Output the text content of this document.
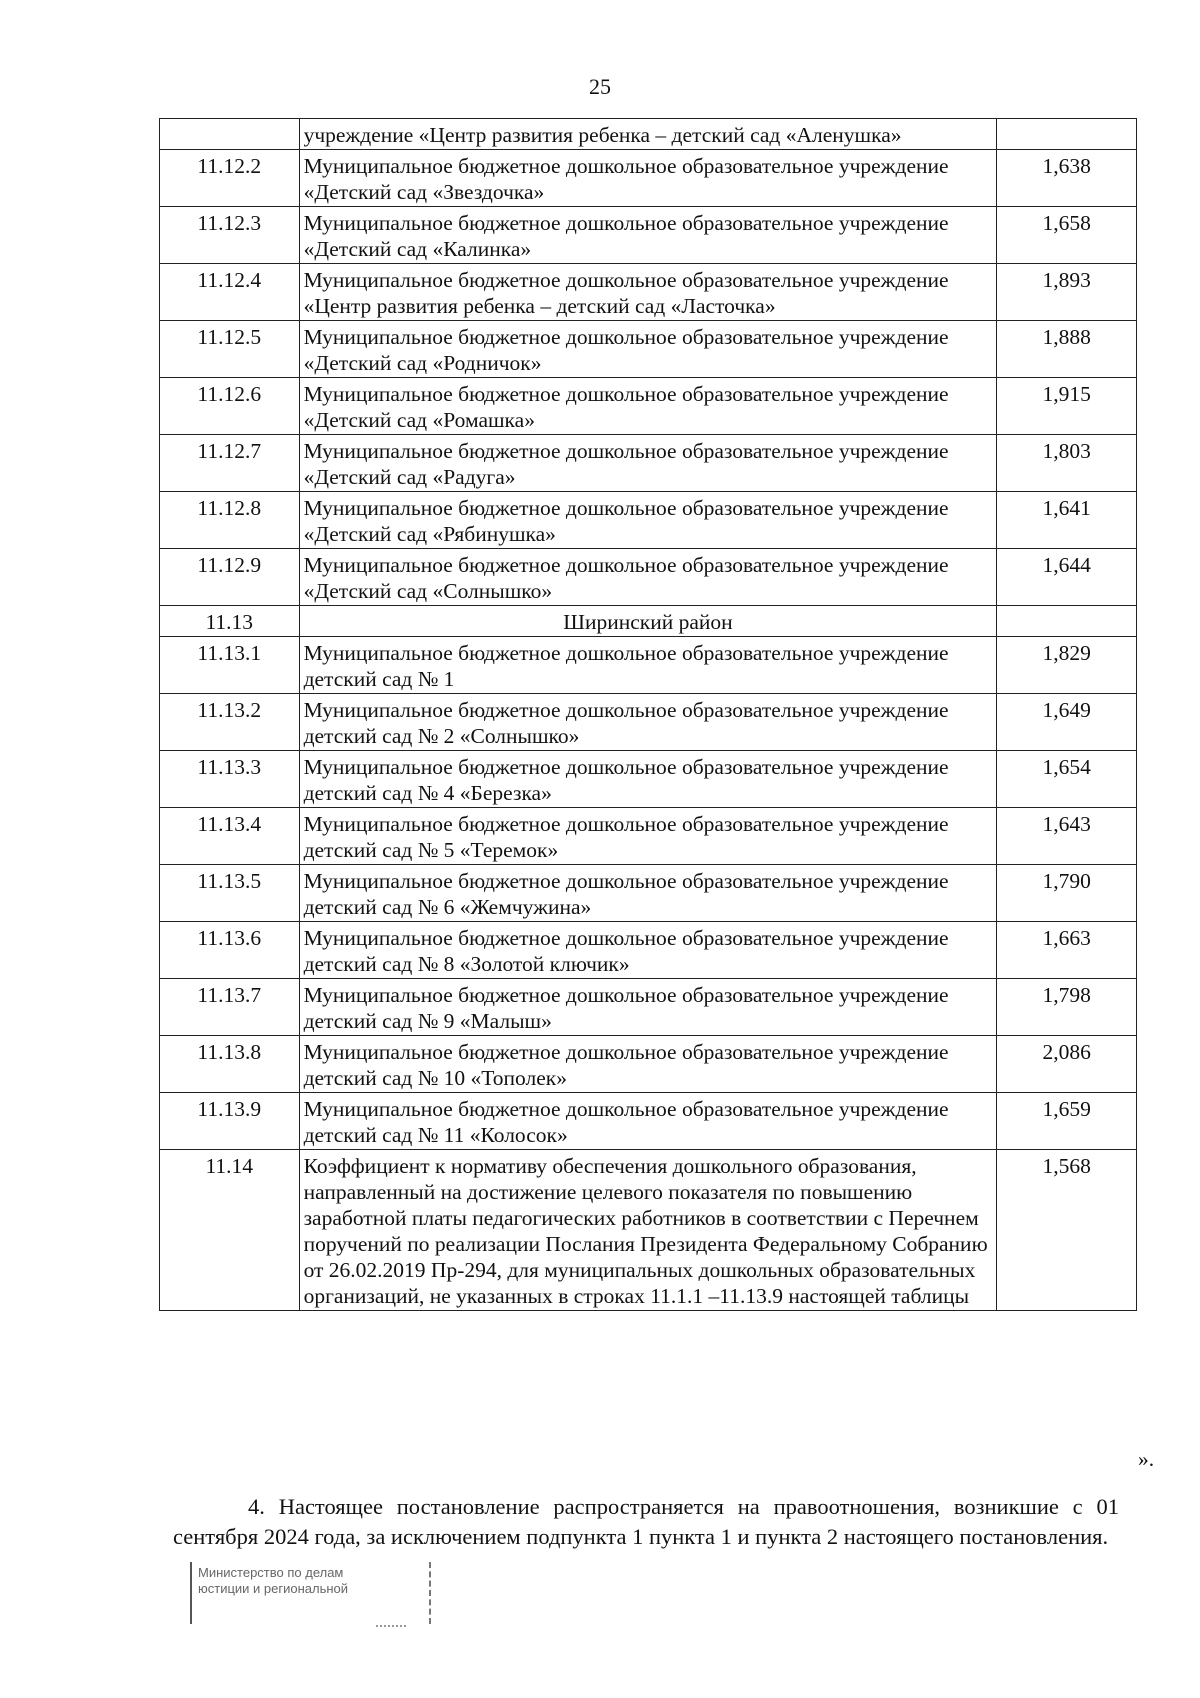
25
	учреждение «Центр развития ребенка – детский сад «Аленушка»	
11.12.2	Муниципальное бюджетное дошкольное образовательное учреждение «Детский сад «Звездочка»	1,638
11.12.3	Муниципальное бюджетное дошкольное образовательное учреждение «Детский сад «Калинка»	1,658
11.12.4	Муниципальное бюджетное дошкольное образовательное учреждение «Центр развития ребенка – детский сад «Ласточка»	1,893
11.12.5	Муниципальное бюджетное дошкольное образовательное учреждение «Детский сад «Родничок»	1,888
11.12.6	Муниципальное бюджетное дошкольное образовательное учреждение «Детский сад «Ромашка»	1,915
11.12.7	Муниципальное бюджетное дошкольное образовательное учреждение «Детский сад «Радуга»	1,803
11.12.8	Муниципальное бюджетное дошкольное образовательное учреждение «Детский сад «Рябинушка»	1,641
11.12.9	Муниципальное бюджетное дошкольное образовательное учреждение «Детский сад «Солнышко»	1,644
11.13	Ширинский район	
11.13.1	Муниципальное бюджетное дошкольное образовательное учреждение детский сад № 1	1,829
11.13.2	Муниципальное бюджетное дошкольное образовательное учреждение детский сад № 2 «Солнышко»	1,649
11.13.3	Муниципальное бюджетное дошкольное образовательное учреждение детский сад № 4 «Березка»	1,654
11.13.4	Муниципальное бюджетное дошкольное образовательное учреждение детский сад № 5 «Теремок»	1,643
11.13.5	Муниципальное бюджетное дошкольное образовательное учреждение детский сад № 6 «Жемчужина»	1,790
11.13.6	Муниципальное бюджетное дошкольное образовательное учреждение детский сад № 8 «Золотой ключик»	1,663
11.13.7	Муниципальное бюджетное дошкольное образовательное учреждение детский сад № 9 «Малыш»	1,798
11.13.8	Муниципальное бюджетное дошкольное образовательное учреждение детский сад № 10 «Тополек»	2,086
11.13.9	Муниципальное бюджетное дошкольное образовательное учреждение детский сад № 11 «Колосок»	1,659
11.14	Коэффициент к нормативу обеспечения дошкольного образования, направленный на достижение целевого показателя по повышению заработной платы педагогических работников в соответствии с Перечнем поручений по реализации Послания Президента Федеральному Собранию от 26.02.2019 Пр-294, для муниципальных дошкольных образовательных организаций, не указанных в строках 11.1.1 –11.13.9 настоящей таблицы	1,568
».
4. Настоящее постановление распространяется на правоотношения, возникшие с 01 сентября 2024 года, за исключением подпункта 1 пункта 1 и пункта 2 настоящего постановления.
Министерство по делам
юстиции и региональной
